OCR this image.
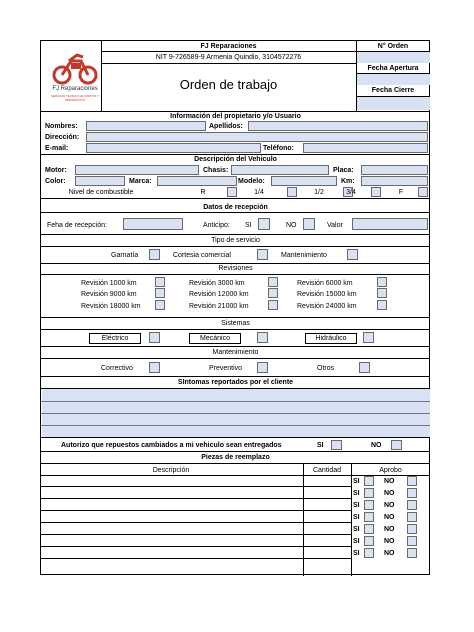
FJ Reparaciones
SERVICIO TECNICO EN MOTOS Y REPARACION
FJ Reparaciones
NIT 9-726589-9 Armenia Quindio, 3104572276
Orden de trabajo
N° Orden
Fecha Apertura
Fecha Cierre
Información del propietario y/o Usuario
Nombres:	Apellidos:
Dirección:
E-mail:	Teléfono:
Descripción del Vehiculo
Motor:	Chasis:	Placa:
Color:	Marca:	Modelo:	Km:
Nivel de combustible	R	1/4	1/2	3/4	F
Datos de recepción
Feha de recepción:	Anticipo: SI	NO	Valor
Tipo de servicio
Garnatía	Cortesia comercial	Mantenimiento
Revisiones
Revisión 1000 km	Revisión 3000 km	Revisión 6000 km
Revisión 9000 km	Revisión 12000 km	Revisión 15000 km
Revisión 18000 km	Revisión 21000 km	Revisión 24000 km
Sistemas
Eléctrico	Mecánico	Hidráulico
Mantenimiento
Correctivo	Preventivo	Otros
SIntomas reportados por el cliente
Autorizo que repuestos cambiados a mi vehiculo sean entregados	SI	NO
Piezas de reemplazo
Descripción	Cantidad	Aprobo
SI	NO
SI	NO
SI	NO
SI	NO
SI	NO
SI	NO
SI	NO
